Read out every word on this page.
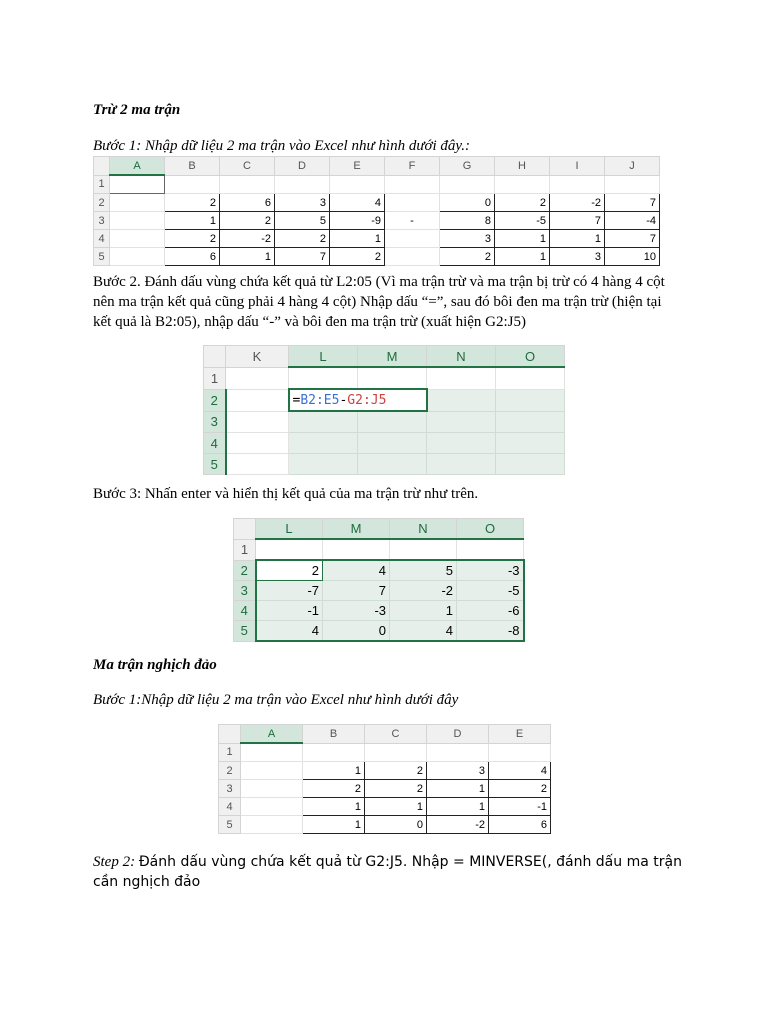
Trừ 2 ma trận
Bước 1: Nhập dữ liệu 2 ma trận vào Excel như hình dưới đây.:
	A	B	C	D	E	F	G	H	I	J
1										
2		2	6	3	4		0	2	-2	7
3		1	2	5	-9	-	8	-5	7	-4
4		2	-2	2	1		3	1	1	7
5		6	1	7	2		2	1	3	10
Bước 2. Đánh dấu vùng chứa kết quả từ L2:05 (Vì ma trận trừ và ma trận bị trừ có 4 hàng 4 cột nên ma trận kết quả cũng phải 4 hàng 4 cột) Nhập dấu “=”, sau đó bôi đen ma trận trừ (hiện tại kết quả là B2:05), nhập dấu “-” và bôi đen ma trận trừ (xuất hiện G2:J5)
	K	L	M	N	O
1					
2		=B2:E5-G2:J5			
3					
4					
5					
Bước 3: Nhấn enter và hiển thị kết quả của ma trận trừ như trên.
	L	M	N	O
1				
2	2	4	5	-3
3	-7	7	-2	-5
4	-1	-3	1	-6
5	4	0	4	-8
Ma trận nghịch đảo
Bước 1:Nhập dữ liệu 2 ma trận vào Excel như hình dưới đây
	A	B	C	D	E
1					
2		1	2	3	4
3		2	2	1	2
4		1	1	1	-1
5		1	0	-2	6
Step 2: Đánh dấu vùng chứa kết quả từ G2:J5. Nhập = MINVERSE(, đánh dấu ma trận cần nghịch đảo
